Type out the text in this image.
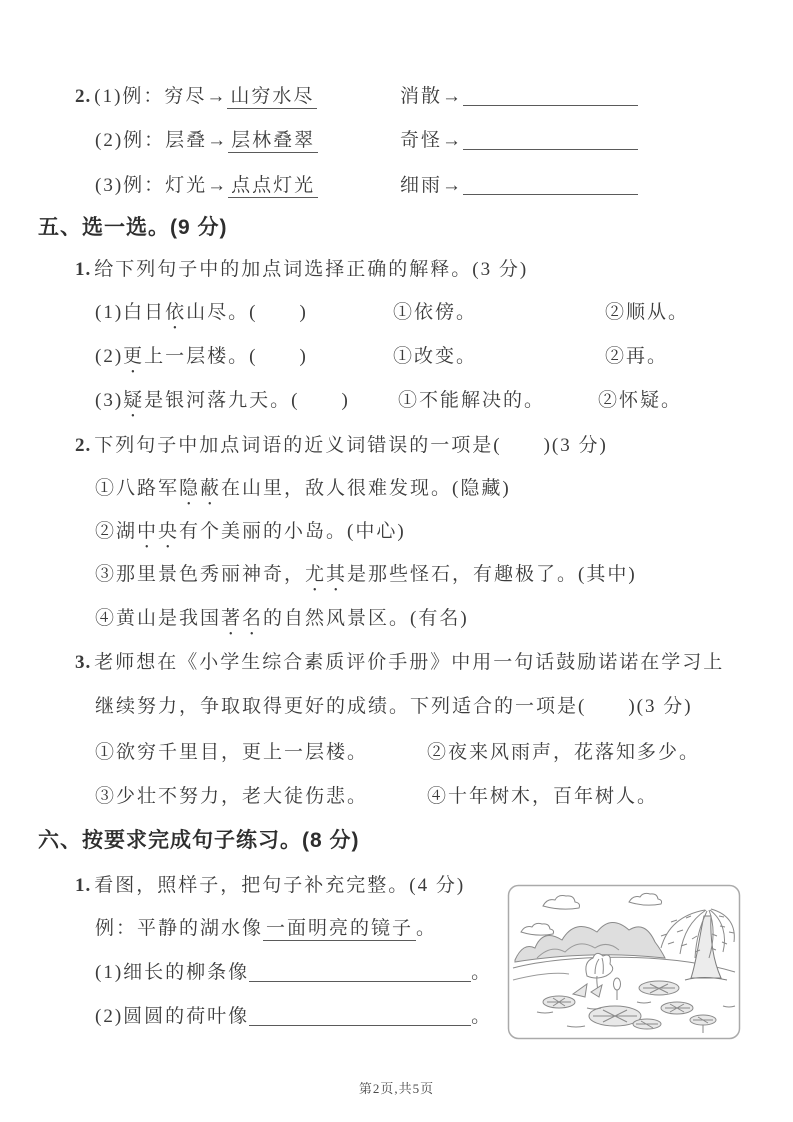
2. (1)例：穷尽→ 山穷水尽	消散→
(2)例：层叠→ 层林叠翠	奇怪→
(3)例：灯光→ 点点灯光	细雨→
五、选一选。(9 分)
1. 给下列句子中的加点词选择正确的解释。(3 分)
(1)白日依山尽。(　　)	①依傍。	②顺从。
(2)更上一层楼。(　　)	①改变。	②再。
(3)疑是银河落九天。(　　)	①不能解决的。	②怀疑。
2. 下列句子中加点词语的近义词错误的一项是(　　)(3 分)
①八路军隐蔽在山里，敌人很难发现。(隐藏)
②湖中央有个美丽的小岛。(中心)
③那里景色秀丽神奇，尤其是那些怪石，有趣极了。(其中)
④黄山是我国著名的自然风景区。(有名)
3. 老师想在《小学生综合素质评价手册》中用一句话鼓励诺诺在学习上
继续努力，争取取得更好的成绩。下列适合的一项是(　　)(3 分)
①欲穷千里目，更上一层楼。	②夜来风雨声，花落知多少。
③少壮不努力，老大徒伤悲。	④十年树木，百年树人。
六、按要求完成句子练习。(8 分)
1. 看图，照样子，把句子补充完整。(4 分)
例：平静的湖水像 一面明亮的镜子 。
(1)细长的柳条像	。
(2)圆圆的荷叶像	。
第2页,共5页
